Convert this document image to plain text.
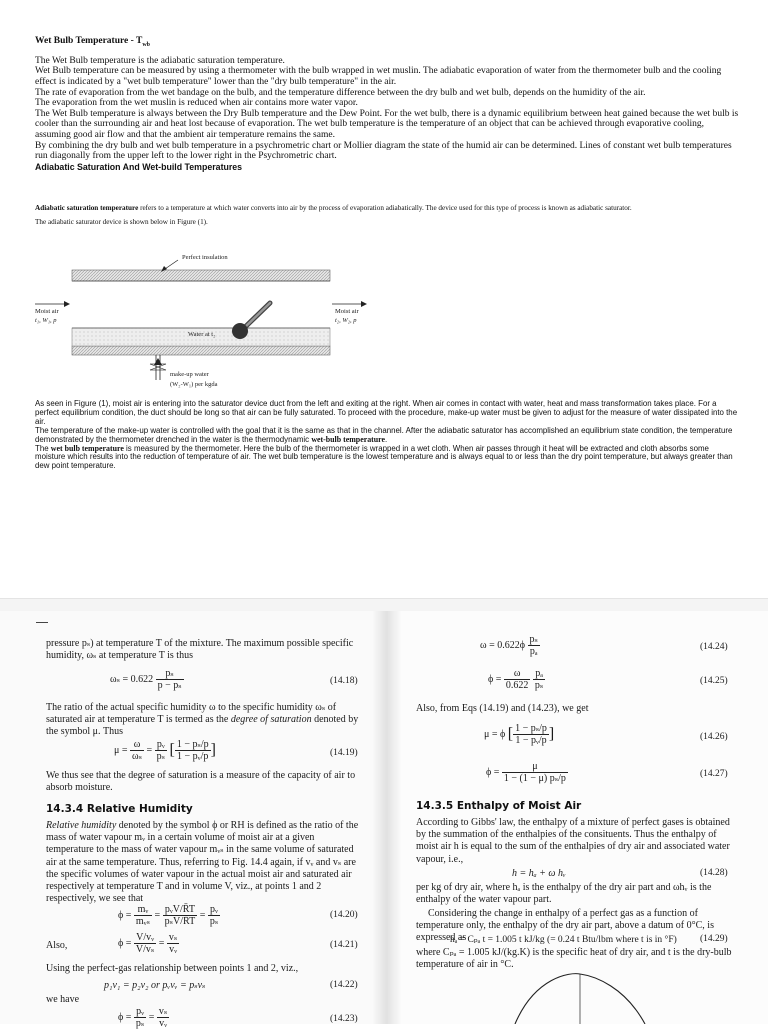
Wet Bulb Temperature - $T_{wb}$

The Wet Bulb temperature is the adiabatic saturation temperature.

Wet Bulb temperature can be measured by using a thermometer with the bulb wrapped in wet muslin. The adiabatic evaporation of water from the thermometer bulb and the cooling effect is indicated by a "wet bulb temperature" lower than the "dry bulb temperature" in the air.

The rate of evaporation from the wet bandage on the bulb, and the temperature difference between the dry bulb and wet bulb, depends on the humidity of the air.

The evaporation from the wet muslin is reduced when air contains more water vapor.

The Wet Bulb temperature is always between the Dry Bulb temperature and the Dew Point. For the wet bulb, there is a dynamic equilibrium between heat gained because the wet bulb is cooler than the surrounding air and heat lost because of evaporation. The wet bulb temperature is the temperature of an object that can be achieved through evaporative cooling, assuming good air flow and that the ambient air temperature remains the same.

By combining the dry bulb and wet bulb temperature in a psychrometric chart or Mollier diagram the state of the humid air can be determined. Lines of constant wet bulb temperatures run diagonally from the upper left to the lower right in the Psychrometric chart.

Adiabatic Saturation And Wet-build Temperatures

Adiabatic saturation temperature refers to a temperature at which water converts into air by the process of evaporation adiabatically. The device used for this type of process is known as adiabatic saturator.

The adiabatic saturator device is shown below in Figure (1).

Perfect insulation
Moist air
t₁, W₁, p
Moist air
t₂, W₂, p
Water at t₂
make-up water
(W₂-W₁) per kgda

As seen in Figure (1), moist air is entering into the saturator device duct from the left and exiting at the right. When air comes in contact with water, heat and mass transformation takes place. For a perfect equilibrium condition, the duct should be long so that air can be fully saturated. To proceed with the procedure, make-up water must be given to adjust for the measure of water dissipated into the air.

The temperature of the make-up water is controlled with the goal that it is the same as that in the channel. After the adiabatic saturator has accomplished an equilibrium state condition, the temperature demonstrated by the thermometer drenched in the water is the thermodynamic wet-bulb temperature.

The wet bulb temperature is measured by the thermometer. Here the bulb of the thermometer is wrapped in a wet cloth. When air passes through it heat will be extracted and cloth absorbs some moisture which results into the reduction of temperature of air. The wet bulb temperature is the lowest temperature and is always equal to or less than the dry point temperature, but always greater than dew point temperature.

pressure pₛ) at temperature T of the mixture. The maximum possible specific humidity, ωₛ at temperature T is thus

$\omega_s = 0.622 \frac{\text{pₛ}}{\text{p − pₛ}}$	(14.18)

The ratio of the actual specific humidity ω to the specific humidity ωₛ of saturated air at temperature T is termed as the degree of saturation denoted by the symbol μ. Thus

$\mu = \frac{\omega}{\text{ωₛ}} = \frac{\text{pᵥ}}{\text{pₛ}}$ [ $\frac{\text{1 − pₛ/p}}{\text{1 − pᵥ/p}}$ ]	(14.19)

We thus see that the degree of saturation is a measure of the capacity of air to absorb moisture.

14.3.4 Relative Humidity

Relative humidity denoted by the symbol ϕ or RH is defined as the ratio of the mass of water vapour mᵥ in a certain volume of moist air at a given temperature to the mass of water vapour mᵥₛ in the same volume of saturated air at the same temperature. Thus, referring to Fig. 14.4 again, if vᵥ and vₛ are the specific volumes of water vapour in the actual moist air and saturated air respectively at temperature T and in volume V, viz., at points 1 and 2 respectively, we see that

$\phi = \frac{\text{mᵥ}}{\text{mᵥₛ}} = \frac{\text{pᵥV/R̄T}}{\text{pₛV/R̄T}} = \frac{\text{pᵥ}}{\text{pₛ}}$	(14.20)
Also,	$\phi = \frac{\text{V/vᵥ}}{\text{V/vₛ}} = \frac{\text{vₛ}}{\text{vᵥ}}$	(14.21)

Using the perfect-gas relationship between points 1 and 2, viz.,

p₁v₁ = p₂v₂ or pᵥvᵥ = pₛvₛ	(14.22)
we have
$\phi = \frac{\text{pᵥ}}{\text{pₛ}} = \frac{\text{vₛ}}{\text{vᵥ}}$	(14.23)
$\omega = 0.622\phi \frac{\text{pₛ}}{\text{pₐ}}$	(14.24)
$\phi = \frac{\omega}{0.622}$
$\frac{\text{pₐ}}{\text{pₛ}}$	(14.25)

Also, from Eqs (14.19) and (14.23), we get

μ = ϕ [ $\frac{\text{1 − pₛ/p}}{\text{1 − pᵥ/p}}$ ]	(14.26)
$\phi = \frac{\mu}{\text{1 − (1 − μ) pₛ/p}}$	(14.27)
14.3.5 Enthalpy of Moist Air

According to Gibbs' law, the enthalpy of a mixture of perfect gases is obtained by the summation of the enthalpies of the consituents. Thus the enthalpy of moist air h is equal to the sum of the enthalpies of dry air and associated water vapour, i.e.,

h = hₐ + ω hᵥ	(14.28)

per kg of dry air, where hₐ is the enthalpy of the dry air part and ωhᵥ is the enthalpy of the water vapour part.

Considering the change in enthalpy of a perfect gas as a function of temperature only, the enthalpy of the dry air part, above a datum of 0°C, is expressed as

hₐ = Cₚₐ t = 1.005 t kJ/kg (= 0.24 t Btu/lbm where t is in °F) (14.29)

where Cₚₐ = 1.005 kJ/(kg.K) is the specific heat of dry air, and t is the dry-bulb temperature of air in °C.
